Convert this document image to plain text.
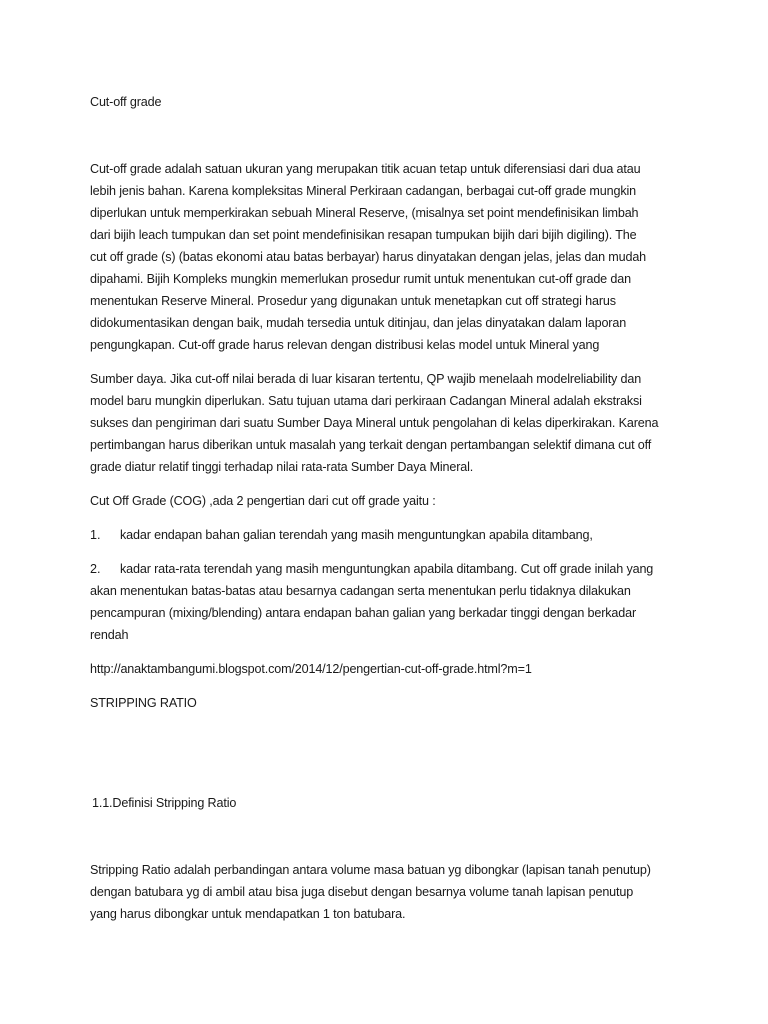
Cut-off grade
Cut-off grade adalah satuan ukuran yang merupakan titik acuan tetap untuk diferensiasi dari dua atau
lebih jenis bahan. Karena kompleksitas Mineral Perkiraan cadangan, berbagai cut-off grade mungkin
diperlukan untuk memperkirakan sebuah Mineral Reserve, (misalnya set point mendefinisikan limbah
dari bijih leach tumpukan dan set point mendefinisikan resapan tumpukan bijih dari bijih digiling). The
cut off grade (s) (batas ekonomi atau batas berbayar) harus dinyatakan dengan jelas, jelas dan mudah
dipahami. Bijih Kompleks mungkin memerlukan prosedur rumit untuk menentukan cut-off grade dan
menentukan Reserve Mineral. Prosedur yang digunakan untuk menetapkan cut off strategi harus
didokumentasikan dengan baik, mudah tersedia untuk ditinjau, dan jelas dinyatakan dalam laporan
pengungkapan. Cut-off grade harus relevan dengan distribusi kelas model untuk Mineral yang
Sumber daya. Jika cut-off nilai berada di luar kisaran tertentu, QP wajib menelaah modelreliability dan
model baru mungkin diperlukan. Satu tujuan utama dari perkiraan Cadangan Mineral adalah ekstraksi
sukses dan pengiriman dari suatu Sumber Daya Mineral untuk pengolahan di kelas diperkirakan. Karena
pertimbangan harus diberikan untuk masalah yang terkait dengan pertambangan selektif dimana cut off
grade diatur relatif tinggi terhadap nilai rata-rata Sumber Daya Mineral.
Cut Off Grade (COG) ,ada 2 pengertian dari cut off grade yaitu :
1. kadar endapan bahan galian terendah yang masih menguntungkan apabila ditambang,
2. kadar rata-rata terendah yang masih menguntungkan apabila ditambang. Cut off grade inilah yang
akan menentukan batas-batas atau besarnya cadangan serta menentukan perlu tidaknya dilakukan
pencampuran (mixing/blending) antara endapan bahan galian yang berkadar tinggi dengan berkadar
rendah
http://anaktambangumi.blogspot.com/2014/12/pengertian-cut-off-grade.html?m=1
STRIPPING RATIO
1.1.Definisi Stripping Ratio
Stripping Ratio adalah perbandingan antara volume masa batuan yg dibongkar (lapisan tanah penutup)
dengan batubara yg di ambil atau bisa juga disebut dengan besarnya volume tanah lapisan penutup
yang harus dibongkar untuk mendapatkan 1 ton batubara.
